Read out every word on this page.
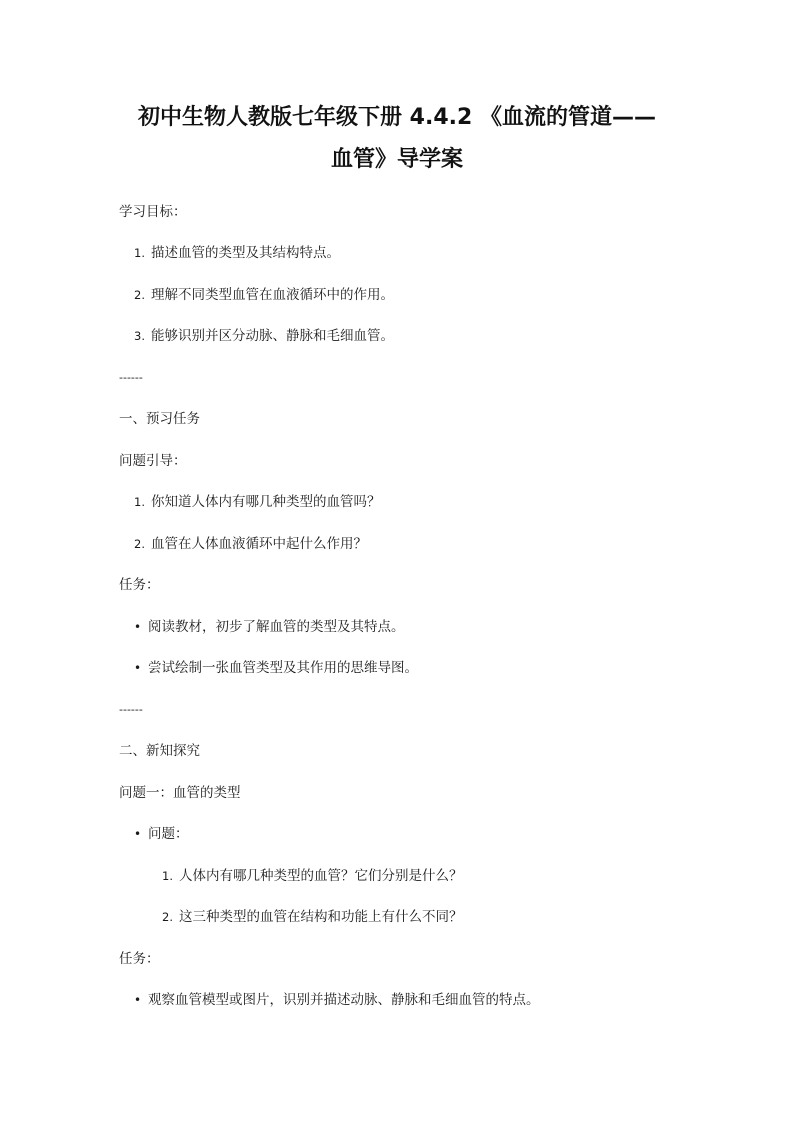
初中生物人教版七年级下册 4.4.2 《血流的管道——
血管》导学案
学习目标：
1. 描述血管的类型及其结构特点。
2. 理解不同类型血管在血液循环中的作用。
3. 能够识别并区分动脉、静脉和毛细血管。
------
一、预习任务
问题引导：
1. 你知道人体内有哪几种类型的血管吗？
2. 血管在人体血液循环中起什么作用？
任务：
• 阅读教材，初步了解血管的类型及其特点。
• 尝试绘制一张血管类型及其作用的思维导图。
------
二、新知探究
问题一：血管的类型
• 问题：
1. 人体内有哪几种类型的血管？它们分别是什么？
2. 这三种类型的血管在结构和功能上有什么不同？
任务：
• 观察血管模型或图片，识别并描述动脉、静脉和毛细血管的特点。
